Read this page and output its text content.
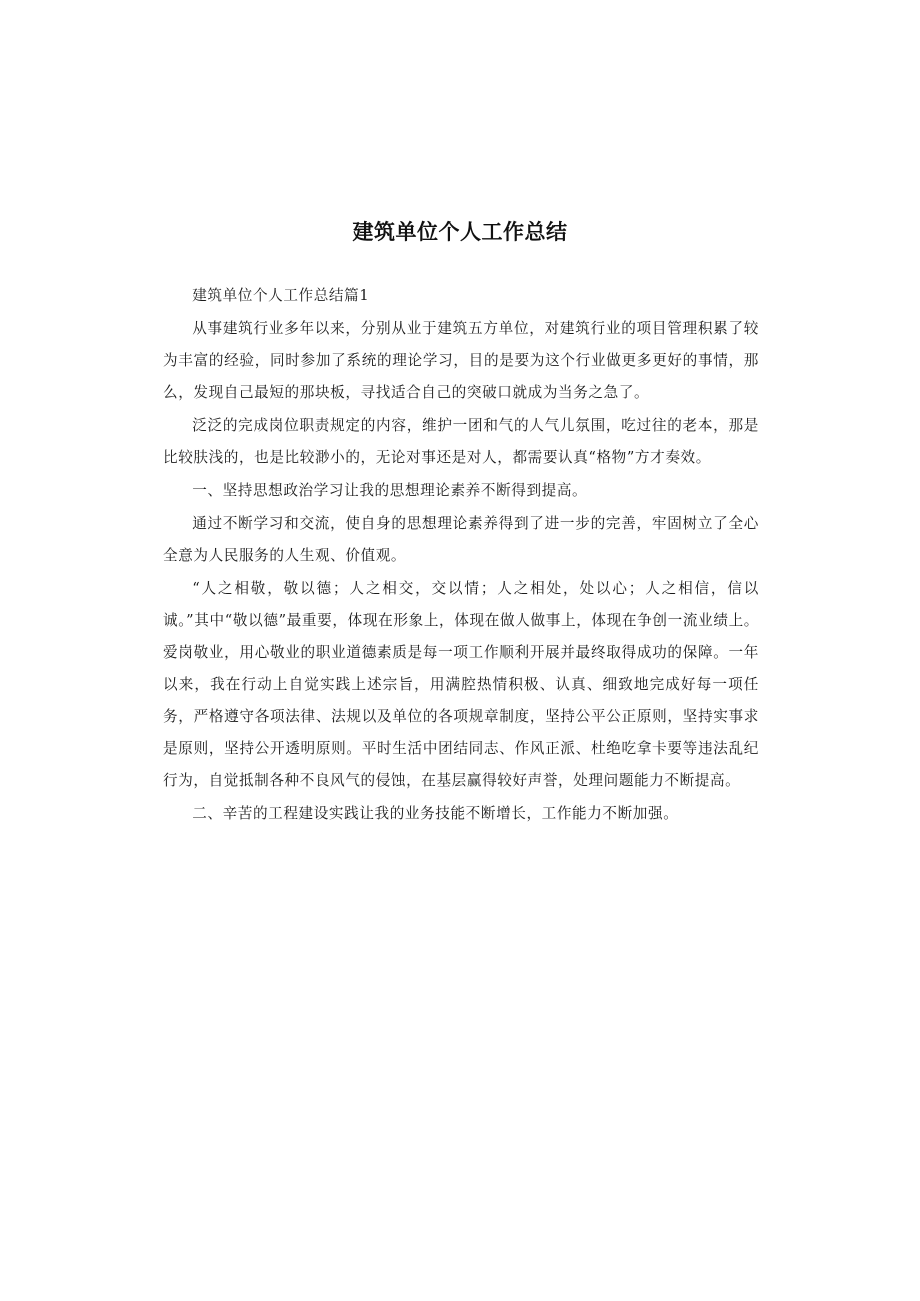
建筑单位个人工作总结

建筑单位个人工作总结篇1

从事建筑行业多年以来，分别从业于建筑五方单位，对建筑行业的项目管理积累了较为丰富的经验，同时参加了系统的理论学习，目的是要为这个行业做更多更好的事情，那么，发现自己最短的那块板，寻找适合自己的突破口就成为当务之急了。

泛泛的完成岗位职责规定的内容，维护一团和气的人气儿氛围，吃过往的老本，那是比较肤浅的，也是比较渺小的，无论对事还是对人，都需要认真“格物”方才奏效。

一、坚持思想政治学习让我的思想理论素养不断得到提高。

通过不断学习和交流，使自身的思想理论素养得到了进一步的完善，牢固树立了全心全意为人民服务的人生观、价值观。

“人之相敬，敬以德；人之相交，交以情；人之相处，处以心；人之相信，信以诚。”其中“敬以德”最重要，体现在形象上，体现在做人做事上，体现在争创一流业绩上。爱岗敬业，用心敬业的职业道德素质是每一项工作顺利开展并最终取得成功的保障。一年以来，我在行动上自觉实践上述宗旨，用满腔热情积极、认真、细致地完成好每一项任务，严格遵守各项法律、法规以及单位的各项规章制度，坚持公平公正原则，坚持实事求是原则，坚持公开透明原则。平时生活中团结同志、作风正派、杜绝吃拿卡要等违法乱纪行为，自觉抵制各种不良风气的侵蚀，在基层赢得较好声誉，处理问题能力不断提高。

二、辛苦的工程建设实践让我的业务技能不断增长，工作能力不断加强。
